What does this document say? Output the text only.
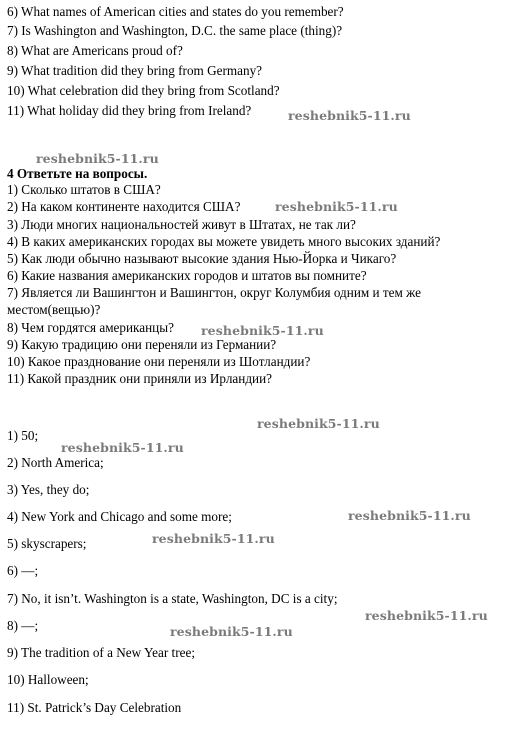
6) What names of American cities and states do you remember?
7) Is Washington and Washington, D.C. the same place (thing)?
8) What are Americans proud of?
9) What tradition did they bring from Germany?
10) What celebration did they bring from Scotland?
11) What holiday did they bring from Ireland?
4 Ответьте на вопросы.
1) Сколько штатов в США?
2) На каком континенте находится США?
3) Люди многих национальностей живут в Штатах, не так ли?
4) В каких американских городах вы можете увидеть много высоких зданий?
5) Как люди обычно называют высокие здания Нью-Йорка и Чикаго?
6) Какие названия американских городов и штатов вы помните?
7) Является ли Вашингтон и Вашингтон, округ Колумбия одним и тем же
местом(вещью)?
8) Чем гордятся американцы?
9) Какую традицию они переняли из Германии?
10) Какое празднование они переняли из Шотландии?
11) Какой праздник они приняли из Ирландии?
1) 50;
2) North America;
3) Yes, they do;
4) New York and Chicago and some more;
5) skyscrapers;
6) —;
7) No, it isn’t. Washington is a state, Washington, DC is a city;
8) —;
9) The tradition of a New Year tree;
10) Halloween;
11) St. Patrick’s Day Celebration
reshebnik5-11.ru
reshebnik5-11.ru
reshebnik5-11.ru
reshebnik5-11.ru
reshebnik5-11.ru
reshebnik5-11.ru
reshebnik5-11.ru
reshebnik5-11.ru
reshebnik5-11.ru
reshebnik5-11.ru
